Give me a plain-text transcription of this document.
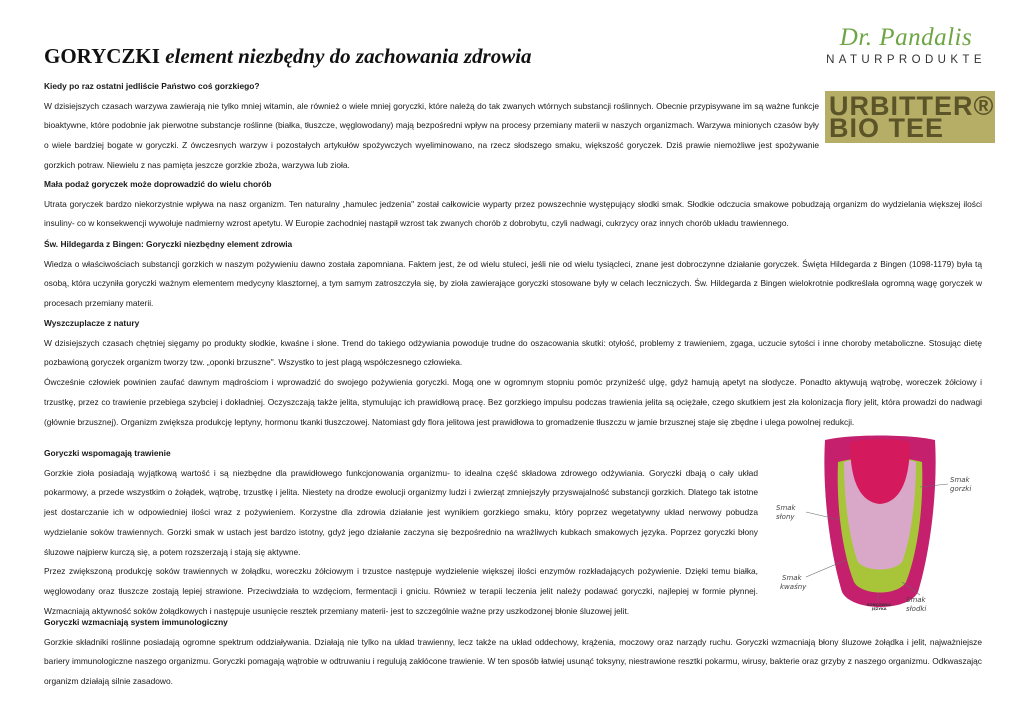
GORYCZKI element niezbędny do zachowania zdrowia
Dr. Pandalis
NATURPRODUKTE
URBITTER®
BIO TEE

Kiedy po raz ostatni jedliście Państwo coś gorzkiego?

W dzisiejszych czasach warzywa zawierają nie tylko mniej witamin, ale również o wiele mniej goryczki, które należą do tak zwanych wtórnych substancji roślinnych. Obecnie przypisywane im są ważne funkcje bioaktywne, które podobnie jak pierwotne substancje roślinne (białka, tłuszcze, węglowodany) mają bezpośredni wpływ na procesy przemiany materii w naszych organizmach. Warzywa minionych czasów były o wiele bardziej bogate w goryczki. Z ówczesnych warzyw i pozostałych artykułów spożywczych wyeliminowano, na rzecz słodszego smaku, większość goryczek. Dziś prawie niemożliwe jest spożywanie gorzkich potraw. Niewielu z nas pamięta jeszcze gorzkie zboża, warzywa lub zioła.

Mała podaż goryczek może doprowadzić do wielu chorób

Utrata goryczek bardzo niekorzystnie wpływa na nasz organizm. Ten naturalny „hamulec jedzenia" został całkowicie wyparty przez powszechnie występujący słodki smak. Słodkie odczucia smakowe pobudzają organizm do wydzielania większej ilości insuliny- co w konsekwencji wywołuje nadmierny wzrost apetytu. W Europie zachodniej nastąpił wzrost tak zwanych chorób z dobrobytu, czyli nadwagi, cukrzycy oraz innych chorób układu trawiennego.

Św. Hildegarda z Bingen: Goryczki niezbędny element zdrowia

Wiedza o właściwościach substancji gorzkich w naszym pożywieniu dawno została zapomniana. Faktem jest, że od wielu stuleci, jeśli nie od wielu tysiącleci, znane jest dobroczynne działanie goryczek. Święta Hildegarda z Bingen (1098-1179) była tą osobą, która uczyniła goryczki ważnym elementem medycyny klasztornej, a tym samym zatroszczyła się, by zioła zawierające goryczki stosowane były w celach leczniczych. Św. Hildegarda z Bingen wielokrotnie podkreślała ogromną wagę goryczek w procesach przemiany materii.

Wyszczuplacze z natury

W dzisiejszych czasach chętniej sięgamy po produkty słodkie, kwaśne i słone. Trend do takiego odżywiania powoduje trudne do oszacowania skutki: otyłość, problemy z trawieniem, zgaga, uczucie sytości i inne choroby metaboliczne. Stosując dietę pozbawioną goryczek organizm tworzy tzw. „oponki brzuszne". Wszystko to jest plagą współczesnego człowieka.

Ówcześnie człowiek powinien zaufać dawnym mądrościom i wprowadzić do swojego pożywienia goryczki. Mogą one w ogromnym stopniu pomóc przyniżeść ulgę, gdyż hamują apetyt na słodycze. Ponadto aktywują wątrobę, woreczek żółciowy i trzustkę, przez co trawienie przebiega szybciej i dokładniej. Oczyszczają także jelita, stymulując ich prawidłową pracę. Bez gorzkiego impulsu podczas trawienia jelita są ociężałe, czego skutkiem jest zła kolonizacja flory jelit, która prowadzi do nadwagi (głównie brzusznej). Organizm zwiększa produkcję leptyny, hormonu tkanki tłuszczowej. Natomiast gdy flora jelitowa jest prawidłowa to gromadzenie tłuszczu w jamie brzusznej staje się zbędne i ulega powolnej redukcji.

Goryczki wspomagają trawienie

Gorzkie zioła posiadają wyjątkową wartość i są niezbędne dla prawidłowego funkcjonowania organizmu- to idealna część składowa zdrowego odżywiania. Goryczki dbają o cały układ pokarmowy, a przede wszystkim o żołądek, wątrobę, trzustkę i jelita. Niestety na drodze ewolucji organizmy ludzi i zwierząt zmniejszyły przyswajalność substancji gorzkich. Dlatego tak istotne jest dostarczanie ich w odpowiedniej ilości wraz z pożywieniem. Korzystne dla zdrowia działanie jest wynikiem gorzkiego smaku, który poprzez wegetatywny układ nerwowy pobudza wydzielanie soków trawiennych. Gorzki smak w ustach jest bardzo istotny, gdyż jego działanie zaczyna się bezpośrednio na wrażliwych kubkach smakowych języka. Poprzez goryczki błony śluzowe najpierw kurczą się, a potem rozszerzają i stają się aktywne.

Przez zwiększoną produkcję soków trawiennych w żołądku, woreczku żółciowym i trzustce następuje wydzielenie większej ilości enzymów rozkładających pożywienie. Dzięki temu białka, węglowodany oraz tłuszcze zostają lepiej strawione. Przeciwdziała to wzdęciom, fermentacji i gniciu. Również w terapii leczenia jelit należy podawać goryczki, najlepiej w formie płynnej. Wzmacniają aktywność soków żołądkowych i następuje usunięcie resztek przemiany materii- jest to szczególnie ważne przy uszkodzonej błonie śluzowej jelit.

Goryczki wzmacniają system immunologiczny

Gorzkie składniki roślinne posiadają ogromne spektrum oddziaływania. Działają nie tylko na układ trawienny, lecz także na układ oddechowy, krążenia, moczowy oraz narządy ruchu. Goryczki wzmacniają błony śluzowe żołądka i jelit, najważniejsze bariery immunologiczne naszego organizmu. Goryczki pomagają wątrobie w odtruwaniu i regulują zakłócone trawienie. W ten sposób łatwiej usunąć toksyny, niestrawione resztki pokarmu, wirusy, bakterie oraz grzyby z naszego organizmu. Odkwaszając organizm działają silnie zasadowo.

Smak gorzki
Smak słony
Smak kwaśny
Smak słodki
KOŃCÓWKA JĘZYKA
